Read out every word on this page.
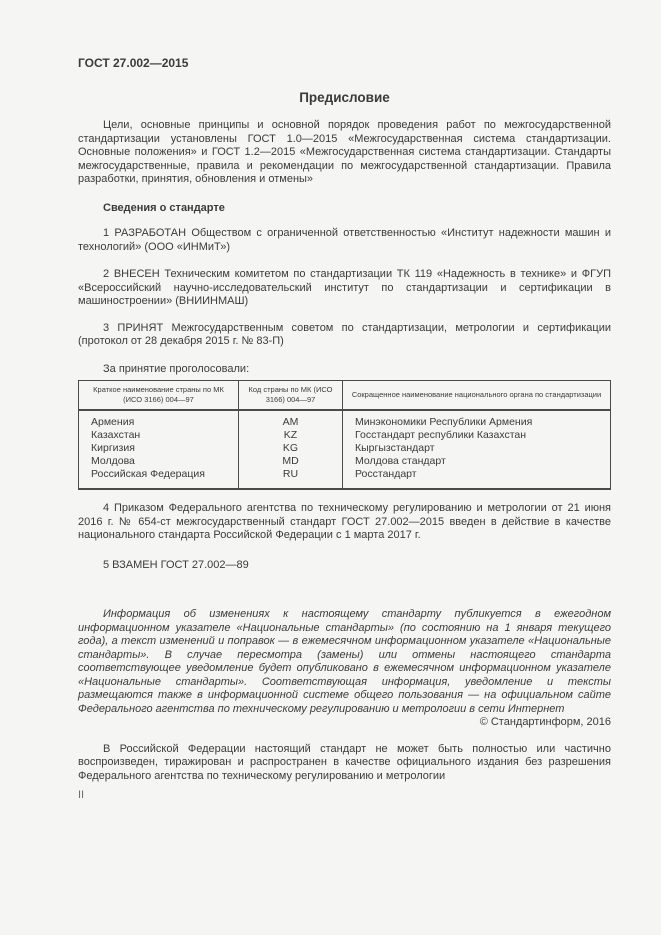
ГОСТ 27.002—2015
Предисловие

Цели, основные принципы и основной порядок проведения работ по межгосударственной стандартизации установлены ГОСТ 1.0—2015 «Межгосударственная система стандартизации. Основные положения» и ГОСТ 1.2—2015 «Межгосударственная система стандартизации. Стандарты межгосударственные, правила и рекомендации по межгосударственной стандартизации. Правила разработки, принятия, обновления и отмены»

Сведения о стандарте

1 РАЗРАБОТАН Обществом с ограниченной ответственностью «Институт надежности машин и технологий» (ООО «ИНМиТ»)

2 ВНЕСЕН Техническим комитетом по стандартизации ТК 119 «Надежность в технике» и ФГУП «Всероссийский научно-исследовательский институт по стандартизации и сертификации в машиностроении» (ВНИИНМАШ)

3 ПРИНЯТ Межгосударственным советом по стандартизации, метрологии и сертификации (протокол от 28 декабря 2015 г. № 83-П)

За принятие проголосовали:

Краткое наименование страны по МК (ИСО 3166) 004—97	Код страны по МК (ИСО 3166) 004—97	Сокращенное наименование национального органа по стандартизации
Армения	AM	Минэкономики Республики Армения
Казахстан	KZ	Госстандарт республики Казахстан
Киргизия	KG	Кыргызстандарт
Молдова	MD	Молдова стандарт
Российская Федерация	RU	Росстандарт

4 Приказом Федерального агентства по техническому регулированию и метрологии от 21 июня 2016 г. № 654-ст межгосударственный стандарт ГОСТ 27.002—2015 введен в действие в качестве национального стандарта Российской Федерации с 1 марта 2017 г.

5 ВЗАМЕН ГОСТ 27.002—89

Информация об изменениях к настоящему стандарту публикуется в ежегодном информационном указателе «Национальные стандарты» (по состоянию на 1 января текущего года), а текст изменений и поправок — в ежемесячном информационном указателе «Национальные стандарты». В случае пересмотра (замены) или отмены настоящего стандарта соответствующее уведомление будет опубликовано в ежемесячном информационном указателе «Национальные стандарты». Соответствующая информация, уведомление и тексты размещаются также в информационной системе общего пользования — на официальном сайте Федерального агентства по техническому регулированию и метрологии в сети Интернет

© Стандартинформ, 2016

В Российской Федерации настоящий стандарт не может быть полностью или частично воспроизведен, тиражирован и распространен в качестве официального издания без разрешения Федерального агентства по техническому регулированию и метрологии

II
